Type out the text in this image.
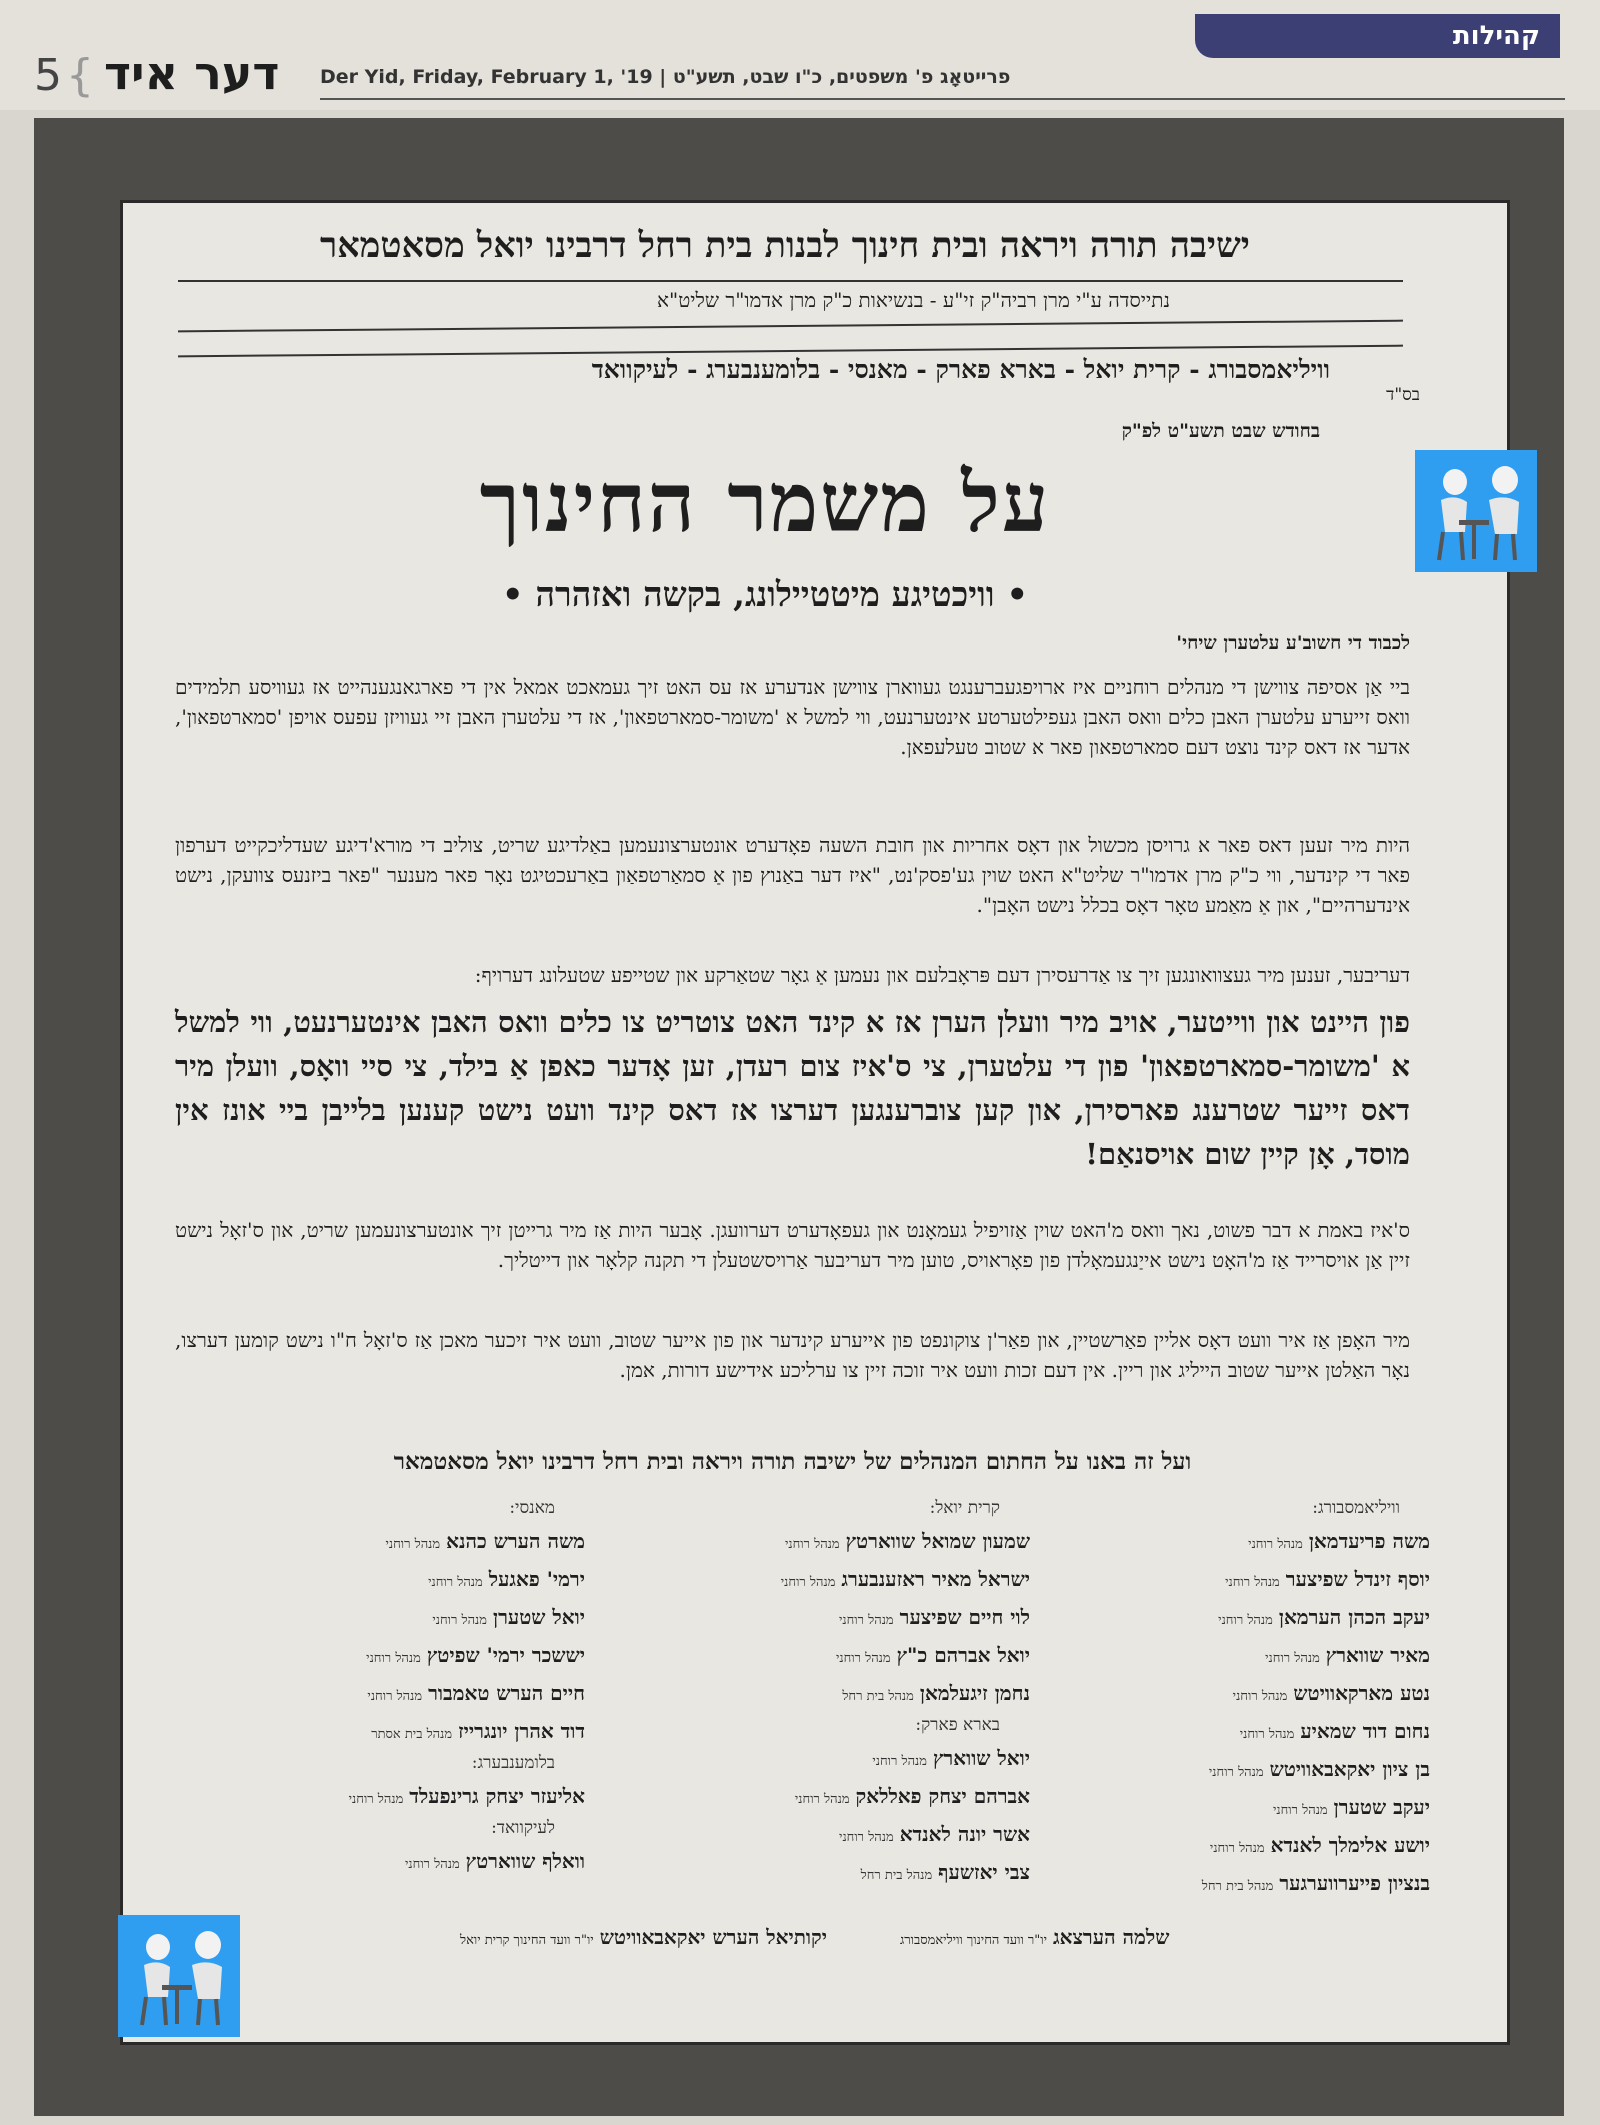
קהילות
5 { דער איד Der Yid, Friday, February 1, '19 | פרייטאָג פ' משפטים, כ"ו שבט, תשע"ט
ישיבה תורה ויראה ובית חינוך לבנות בית רחל דרבינו יואל מסאטמאר
נתייסדה ע"י מרן רביה"ק זי"ע - בנשיאות כ"ק מרן אדמו"ר שליט"א
וויליאמסבורג - קרית יואל - בארא פארק - מאנסי - בלומענבערג - לעיקוואד
בס"ד
בחודש שבט תשע"ט לפ"ק
על משמר החינוך
• וויכטיגע מיטטיילונג, בקשה ואזהרה •
לכבוד די חשוב'ע עלטערן שיחי'
ביי אַן אסיפה צווישן די מנהלים רוחניים איז ארויפגעברענגט געווארן צווישן אנדערע אז עס האט זיך געמאכט אמאל אין די פארגאנגענהייט אז געוויסע תלמידים וואס זייערע עלטערן האבן כלים וואס האבן געפילטערטע אינטערנעט, ווי למשל א 'משומר-סמארטפאון', אז די עלטערן האבן זיי געוויזן עפעס אויפן 'סמארטפאון', אדער אז דאס קינד נוצט דעם סמארטפאון פאר א שטוב טעלעפאן.
היות מיר זעען דאס פאר א גרויסן מכשול און דאָס אחריות און חובת השעה פאָדערט אונטערצונעמען באַלדיגע שריט, צוליב די מורא'דיגע שעדליכקייט דערפון פאר די קינדער, ווי כ"ק מרן אדמו"ר שליט"א האט שוין גע'פסק'נט, "איז דער באַנוץ פון אַ סמאַרטפאַון באַרעכטיגט נאָר פאר מענער "פאר ביזנעס צוועקן, נישט אינדערהיים", און אַ מאַמע טאָר דאָס בכלל נישט האָבן".
דעריבער, זענען מיר געצוואונגען זיך צו אַדרעסירן דעם פּראָבלעם און נעמען אַ גאָר שטאַרקע און שטייפע שטעלונג דערויף:
פון היינט און ווייטער, אויב מיר וועלן הערן אז א קינד האט צוטריט צו כלים וואס האבן אינטערנעט, ווי למשל א 'משומר-סמארטפאון' פון די עלטערן, צי ס'איז צום רעדן, זען אָדער כאפן אַ בילד, צי סיי וואָס, וועלן מיר דאס זייער שטרענג פארסירן, און קען צוברענגען דערצו אז דאס קינד וועט נישט קענען בלייבן ביי אונז אין מוסד, אָן קיין שום אויסנאַם!
ס'איז באמת א דבר פשוט, נאך וואס מ'האט שוין אַזויפיל געמאָנט און געפאָדערט דערוועגן. אָבער היות אַז מיר גרייטן זיך אונטערצונעמען שריט, און ס'זאָל נישט זיין אַן אויסרייד אַז מ'האָט נישט אייַנגעמאָלדן פון פאָראויס, טוען מיר דעריבער אַרויסשטעלן די תקנה קלאָר און דייטליך.
מיר האָפן אַז איר וועט דאָס אליין פאַרשטיין, און פאַר'ן צוקונפט פון אייערע קינדער און פון אייער שטוב, וועט איר זיכער מאכן אַז ס'זאָל ח"ו נישט קומען דערצו, נאָר האַלטן אייער שטוב הייליג און ריין. אין דעם זכות וועט איר זוכה זיין צו ערליכע אידישע דורות, אמן.
ועל זה באנו על החתום המנהלים של ישיבה תורה ויראה ובית רחל דרבינו יואל מסאטמאר
וויליאמסבורג:
משה פריעדמאןמנהל רוחני
יוסף זינדל שפיצערמנהל רוחני
יעקב הכהן הערמאןמנהל רוחני
מאיר שווארץמנהל רוחני
נטע מארקאוויטשמנהל רוחני
נחום דוד שמאיעמנהל רוחני
בן ציון יאקאבאוויטשמנהל רוחני
יעקב שטערןמנהל רוחני
יושע אלימלך לאנדאמנהל רוחני
בנציון פייערווערגערמנהל בית רחל
קרית יואל:
שמעון שמואל שווארטץמנהל רוחני
ישראל מאיר ראזענבערגמנהל רוחני
לוי חיים שפיצערמנהל רוחני
יואל אברהם כ"ץמנהל רוחני
נחמן זיגעלמאןמנהל בית רחל
בארא פארק:
יואל שווארץמנהל רוחני
אברהם יצחק פאללאקמנהל רוחני
אשר יונה לאנדאמנהל רוחני
צבי יאזשעףמנהל בית רחל
מאנסי:
משה הערש כהנאמנהל רוחני
ירמי' פאגעלמנהל רוחני
יואל שטערןמנהל רוחני
יששכר ירמי' שפיטץמנהל רוחני
חיים הערש טאמבורמנהל רוחני
דוד אהרן יונגרייזמנהל בית אסתר
בלומענבערג:
אליעזר יצחק גרינפעלדמנהל רוחני
לעיקוואד:
וואלף שווארטץמנהל רוחני
שלמה הערצאגיו"ר וועד החינוך וויליאמסבורג
יקותיאל הערש יאקאבאוויטשיו"ר וועד החינוך קרית יואל
